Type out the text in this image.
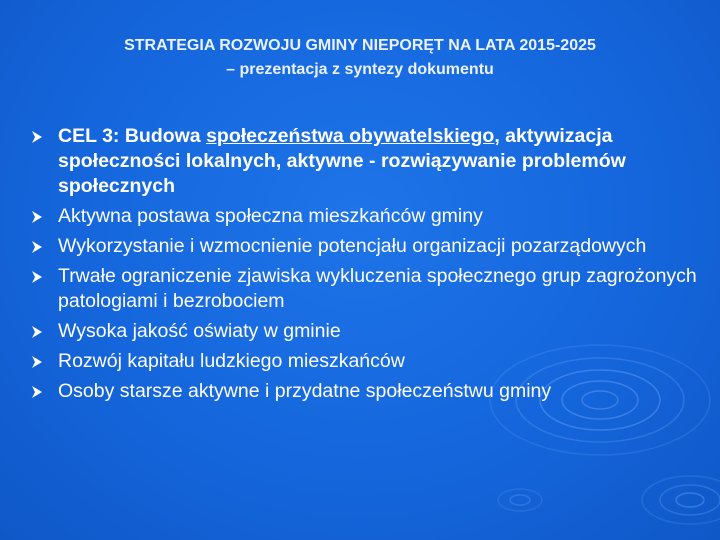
STRATEGIA ROZWOJU GMINY NIEPORĘT NA LATA 2015-2025
– prezentacja z syntezy dokumentu
CEL 3: Budowa społeczeństwa obywatelskiego, aktywizacja społeczności lokalnych, aktywne - rozwiązywanie problemów społecznych
Aktywna postawa społeczna mieszkańców gminy
Wykorzystanie i wzmocnienie potencjału organizacji pozarządowych
Trwałe ograniczenie zjawiska wykluczenia społecznego grup zagrożonych patologiami i bezrobociem
Wysoka jakość oświaty w gminie
Rozwój kapitału ludzkiego mieszkańców
Osoby starsze aktywne i przydatne społeczeństwu gminy
